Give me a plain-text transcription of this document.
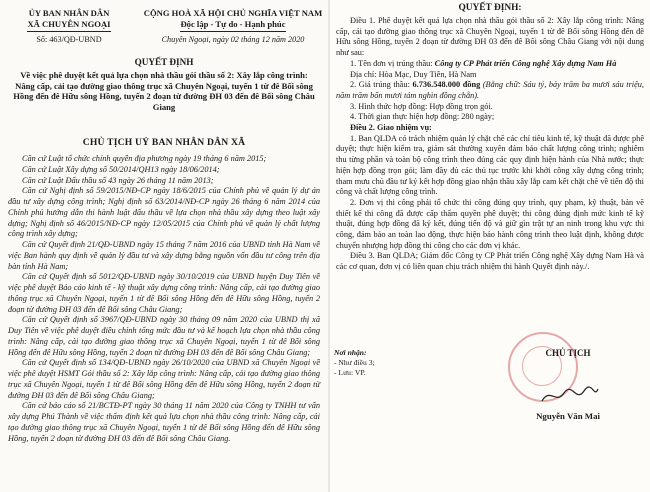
ỦY BAN NHÂN DÂN
XÃ CHUYÊN NGOẠI
Số: 463/QĐ-UBND
CỘNG HOÀ XÃ HỘI CHỦ NGHĨA VIỆT NAM
Độc lập - Tự do - Hạnh phúc
Chuyên Ngoại, ngày 02 tháng 12 năm 2020
QUYẾT ĐỊNH
Về việc phê duyệt kết quả lựa chọn nhà thầu gói thầu số 2: Xây lắp công trình: Nâng cấp, cải tạo đường giao thông trục xã Chuyên Ngoại, tuyến 1 từ đê Bối sông Hồng đến đê Hữu sông Hồng, tuyến 2 đoạn từ đường ĐH 03 đến đê Bối sông Châu Giang
CHỦ TỊCH UỶ BAN NHÂN DÂN XÃ

Căn cứ Luật tổ chức chính quyền địa phương ngày 19 tháng 6 năm 2015;

Căn cứ Luật Xây dựng số 50/2014/QH13 ngày 18/06/2014;

Căn cứ Luật Đấu thầu số 43 ngày 26 tháng 11 năm 2013;

Căn cứ Nghị định số 59/2015/NĐ-CP ngày 18/6/2015 của Chính phủ về quản lý dự án đầu tư xây dựng công trình; Nghị định số 63/2014/NĐ-CP ngày 26 tháng 6 năm 2014 của Chính phủ hướng dẫn thi hành luật đấu thầu về lựa chọn nhà thầu xây dựng theo luật xây dựng; Nghị định số 46/2015/NĐ-CP ngày 12/05/2015 của Chính phủ về quản lý chất lượng công trình xây dựng;

Căn cứ Quyết định 21/QĐ-UBND ngày 15 tháng 7 năm 2016 của UBND tỉnh Hà Nam về việc Ban hành quy định về quản lý đầu tư và xây dựng bằng nguồn vốn đầu tư công trên địa bàn tỉnh Hà Nam;

Căn cứ Quyết định số 5012/QĐ-UBND ngày 30/10/2019 của UBND huyện Duy Tiên về việc phê duyệt Báo cáo kinh tế - kỹ thuật xây dựng công trình: Nâng cấp, cải tạo đường giao thông trục xã Chuyên Ngoại, tuyến 1 từ đê Bối sông Hồng đến đê Hữu sông Hồng, tuyến 2 đoạn từ đường ĐH 03 đến đê Bối sông Châu Giang;

Căn cứ Quyết định số 3967/QĐ-UBND ngày 30 tháng 09 năm 2020 của UBND thị xã Duy Tiên về việc phê duyệt điều chỉnh tổng mức đầu tư và kế hoạch lựa chọn nhà thầu công trình: Nâng cấp, cải tạo đường giao thông trục xã Chuyên Ngoại, tuyến 1 từ đê Bối sông Hồng đến đê Hữu sông Hồng, tuyến 2 đoạn từ đường ĐH 03 đến đê Bối sông Châu Giang;

Căn cứ Quyết định số 134/QĐ-UBND ngày 26/10/2020 của UBND xã Chuyên Ngoại về việc phê duyệt HSMT Gói thầu số 2: Xây lắp công trình: Nâng cấp, cải tạo đường giao thông trục xã Chuyên Ngoại, tuyến 1 từ đê Bối sông Hồng đến đê Hữu sông Hồng, tuyến 2 đoạn từ đường ĐH 03 đến đê Bối sông Châu Giang;

Căn cứ báo cáo số 21/BCTĐ-PT ngày 30 tháng 11 năm 2020 của Công ty TNHH tư vấn xây dựng Phú Thành về việc thẩm định kết quả lựa chọn nhà thầu công trình: Nâng cấp, cải tạo đường giao thông trục xã Chuyên Ngoại, tuyến 1 từ đê Bối sông Hồng đến đê Hữu sông Hồng, tuyến 2 đoạn từ đường ĐH 03 đến đê Bối sông Châu Giang.

QUYẾT ĐỊNH:

Điều 1. Phê duyệt kết quả lựa chọn nhà thầu gói thầu số 2: Xây lắp công trình: Nâng cấp, cải tạo đường giao thông trục xã Chuyên Ngoại, tuyến 1 từ đê Bối sông Hồng đến đê Hữu sông Hồng, tuyến 2 đoạn từ đường ĐH 03 đến đê Bối sông Châu Giang với nội dung như sau:

1. Tên đơn vị trúng thầu: Công ty CP Phát triển Công nghệ Xây dựng Nam Hà

Địa chỉ: Hòa Mạc, Duy Tiên, Hà Nam

2. Giá trúng thầu: 6.736.548.000 đồng (Bằng chữ: Sáu tỷ, bảy trăm ba mươi sáu triệu, năm trăm bốn mươi tám nghìn đồng chẵn).

3. Hình thức hợp đồng: Hợp đồng trọn gói.

4. Thời gian thực hiện hợp đồng: 280 ngày;

Điều 2. Giao nhiệm vụ:

1. Ban QLDA có trách nhiệm quản lý chặt chẽ các chỉ tiêu kinh tế, kỹ thuật đã được phê duyệt; thực hiện kiểm tra, giám sát thường xuyên đảm bảo chất lượng công trình; nghiêm thu từng phần và toàn bộ công trình theo đúng các quy định hiện hành của Nhà nước; thực hiện hợp đồng trọn gói; làm đầy đủ các thủ tục trước khi khởi công xây dựng công trình; tham mưu chủ đầu tư ký kết hợp đồng giao nhận thầu xây lắp cam kết chặt chẽ về tiến độ thi công và chất lượng công trình.

2. Đơn vị thi công phải tổ chức thi công đúng quy trình, quy phạm, kỹ thuật, bản vẽ thiết kế thi công đã được cấp thẩm quyền phê duyệt; thi công đúng định mức kinh tế kỹ thuật, đúng hợp đồng đã ký kết, đúng tiến độ và giữ gìn trật tự an ninh trong khu vực thi công, đảm bảo an toàn lao động, thực hiện bảo hành công trình theo luật định, không được chuyển nhượng hợp đồng thi công cho các đơn vị khác.

Điều 3. Ban QLDA; Giám đốc Công ty CP Phát triển Công nghệ Xây dựng Nam Hà và các cơ quan, đơn vị có liên quan chịu trách nhiệm thi hành Quyết định này./.

Nơi nhận:
- Như điều 3;
- Lưu: VP.
CHỦ TỊCH
Nguyễn Văn Mai
